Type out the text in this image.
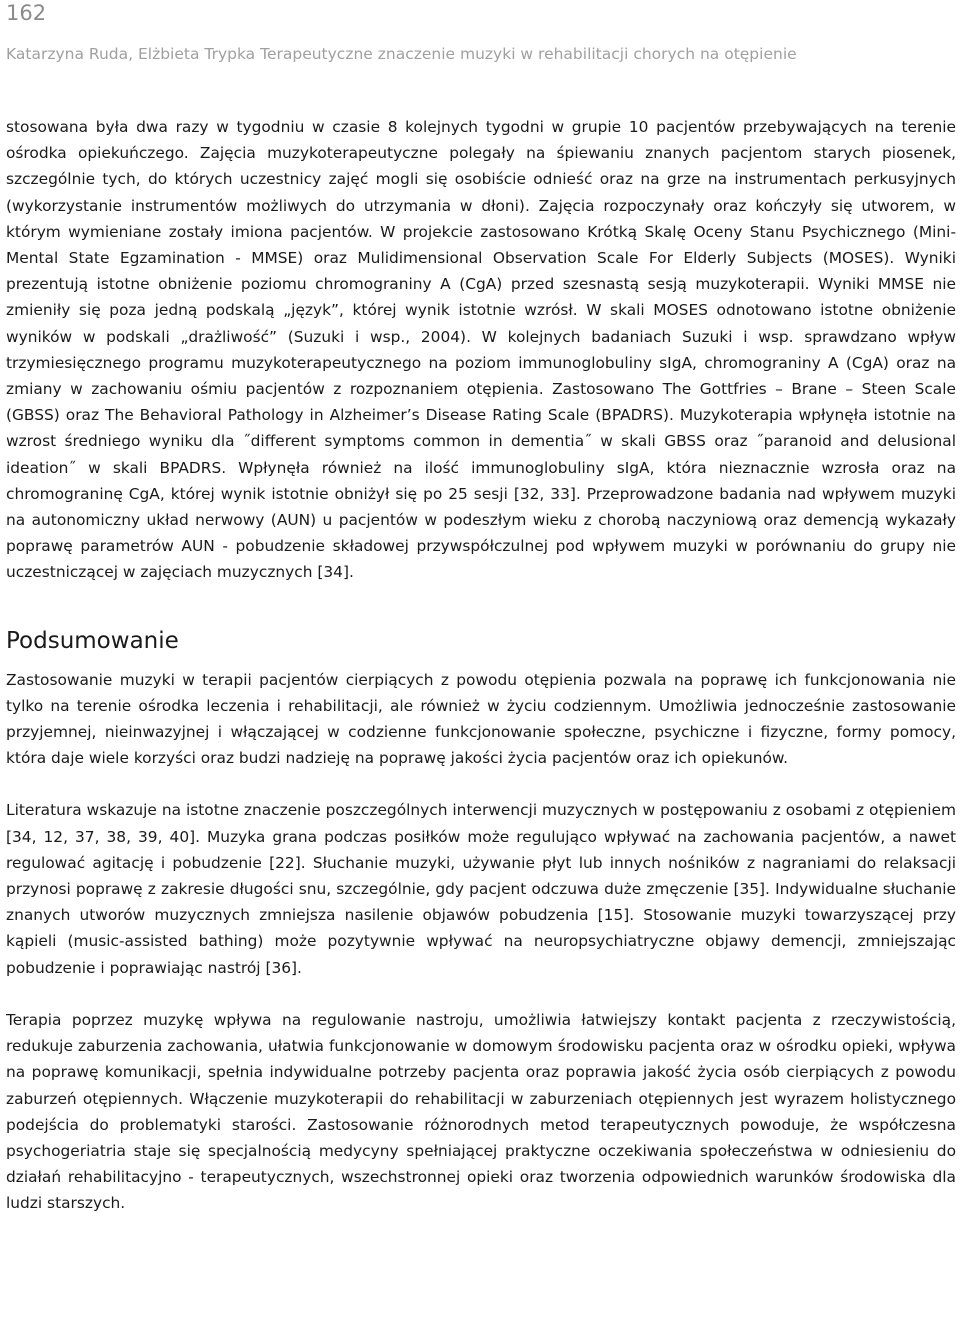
162
Katarzyna Ruda, Elżbieta Trypka Terapeutyczne znaczenie muzyki w rehabilitacji chorych na otępienie

stosowana była dwa razy w tygodniu w czasie 8 kolejnych tygodni w grupie 10 pacjentów przebywających na terenie ośrodka opiekuńczego. Zajęcia muzykoterapeutyczne polegały na śpiewaniu znanych pacjentom starych piosenek, szczególnie tych, do których uczestnicy zajęć mogli się osobiście odnieść oraz na grze na instrumentach perkusyjnych (wykorzystanie instrumentów możliwych do utrzymania w dłoni). Zajęcia rozpoczynały oraz kończyły się utworem, w którym wymieniane zostały imiona pacjentów. W projekcie zastosowano Krótką Skalę Oceny Stanu Psychicznego (Mini-Mental State Egzamination - MMSE) oraz Mulidimensional Observation Scale For Elderly Subjects (MOSES). Wyniki prezentują istotne obniżenie poziomu chromograniny A (CgA) przed szesnastą sesją muzykoterapii. Wyniki MMSE nie zmieniły się poza jedną podskalą „język”, której wynik istotnie wzrósł. W skali MOSES odnotowano istotne obniżenie wyników w podskali „drażliwość” (Suzuki i wsp., 2004). W kolejnych badaniach Suzuki i wsp. sprawdzano wpływ trzymiesięcznego programu muzykoterapeutycznego na poziom immunoglobuliny sIgA, chromograniny A (CgA) oraz na zmiany w zachowaniu ośmiu pacjentów z rozpoznaniem otępienia. Zastosowano The Gottfries – Brane – Steen Scale (GBSS) oraz The Behavioral Pathology in Alzheimer’s Disease Rating Scale (BPADRS). Muzykoterapia wpłynęła istotnie na wzrost średniego wyniku dla ˝different symptoms common in dementia˝ w skali GBSS oraz ˝paranoid and delusional ideation˝ w skali BPADRS. Wpłynęła również na ilość immunoglobuliny sIgA, która nieznacznie wzrosła oraz na chromograninę CgA, której wynik istotnie obniżył się po 25 sesji [32, 33]. Przeprowadzone badania nad wpływem muzyki na autonomiczny układ nerwowy (AUN) u pacjentów w podeszłym wieku z chorobą naczyniową oraz demencją wykazały poprawę parametrów AUN - pobudzenie składowej przywspółczulnej pod wpływem muzyki w porównaniu do grupy nie uczestniczącej w zajęciach muzycznych [34].

Podsumowanie

Zastosowanie muzyki w terapii pacjentów cierpiących z powodu otępienia pozwala na poprawę ich funkcjonowania nie tylko na terenie ośrodka leczenia i rehabilitacji, ale również w życiu codziennym. Umożliwia jednocześnie zastosowanie przyjemnej, nieinwazyjnej i włączającej w codzienne funkcjonowanie społeczne, psychiczne i fizyczne, formy pomocy, która daje wiele korzyści oraz budzi nadzieję na poprawę jakości życia pacjentów oraz ich opiekunów.

Literatura wskazuje na istotne znaczenie poszczególnych interwencji muzycznych w postępowaniu z osobami z otępieniem [34, 12, 37, 38, 39, 40]. Muzyka grana podczas posiłków może regulująco wpływać na zachowania pacjentów, a nawet regulować agitację i pobudzenie [22]. Słuchanie muzyki, używanie płyt lub innych nośników z nagraniami do relaksacji przynosi poprawę z zakresie długości snu, szczególnie, gdy pacjent odczuwa duże zmęczenie [35]. Indywidualne słuchanie znanych utworów muzycznych zmniejsza nasilenie objawów pobudzenia [15]. Stosowanie muzyki towarzyszącej przy kąpieli (music-assisted bathing) może pozytywnie wpływać na neuropsychiatryczne objawy demencji, zmniejszając pobudzenie i poprawiając nastrój [36].

Terapia poprzez muzykę wpływa na regulowanie nastroju, umożliwia łatwiejszy kontakt pacjenta z rzeczywistością, redukuje zaburzenia zachowania, ułatwia funkcjonowanie w domowym środowisku pacjenta oraz w ośrodku opieki, wpływa na poprawę komunikacji, spełnia indywidualne potrzeby pacjenta oraz poprawia jakość życia osób cierpiących z powodu zaburzeń otępiennych. Włączenie muzykoterapii do rehabilitacji w zaburzeniach otępiennych jest wyrazem holistycznego podejścia do problematyki starości. Zastosowanie różnorodnych metod terapeutycznych powoduje, że współczesna psychogeriatria staje się specjalnością medycyny spełniającej praktyczne oczekiwania społeczeństwa w odniesieniu do działań rehabilitacyjno - terapeutycznych, wszechstronnej opieki oraz tworzenia odpowiednich warunków środowiska dla ludzi starszych.
